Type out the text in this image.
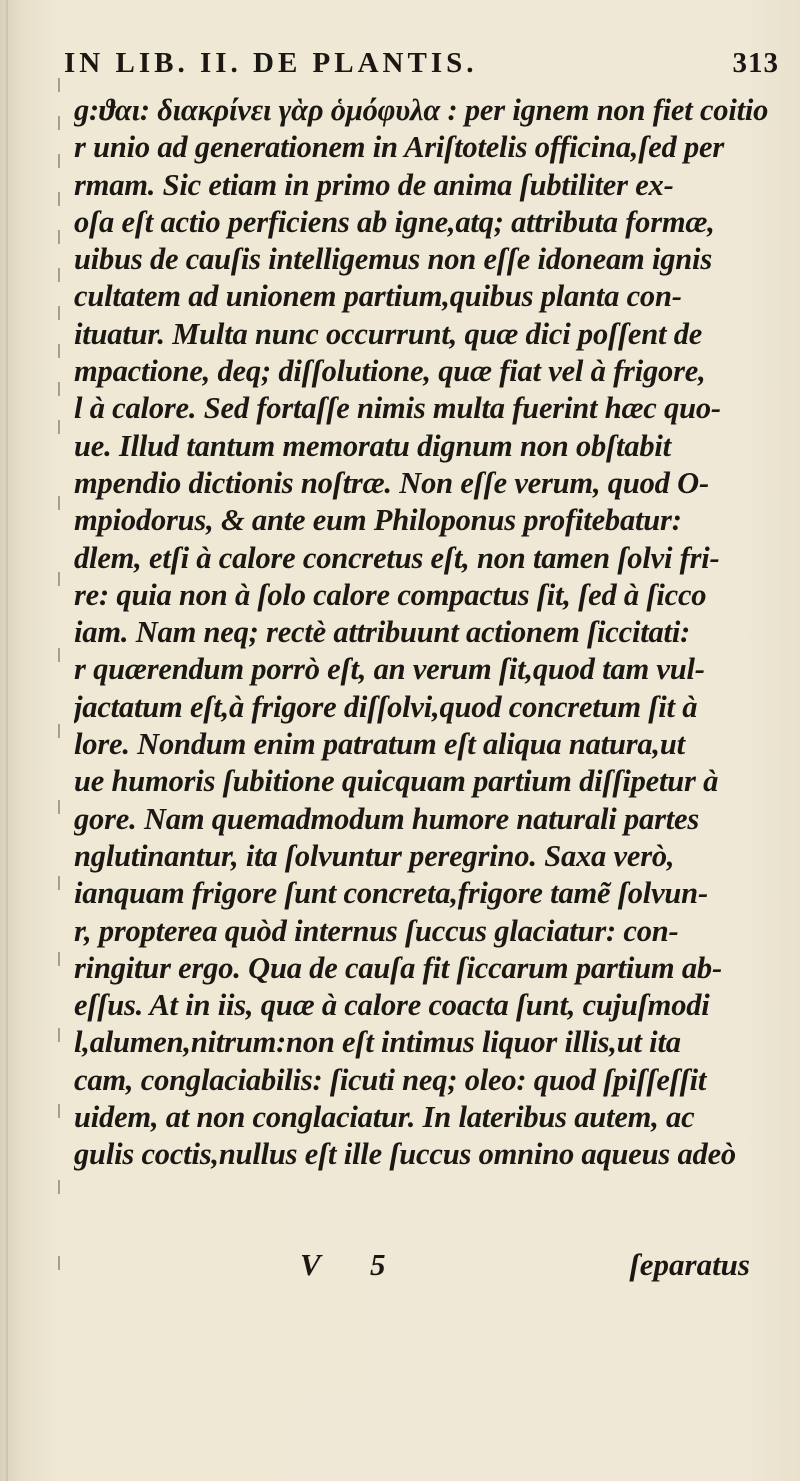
IN LIB. II. DE PLANTIS.	313
ɡ:ϑαι: διακρίνει γὰρ ὁμόφυλα : per ignem non fiet coitio
r unio ad generationem in Ariſtotelis officina,ſed per
rmam. Sic etiam in primo de anima ſubtiliter ex-
oſa eſt actio perficiens ab igne,atq; attributa formæ,
uibus de cauſis intelligemus non eſſe idoneam ignis
cultatem ad unionem partium,quibus planta con-
ituatur. Multa nunc occurrunt, quæ dici poſſent de
mpactione, deq; diſſolutione, quæ fiat vel à frigore,
l à calore. Sed fortaſſe nimis multa fuerint hæc quo-
ue. Illud tantum memoratu dignum non obſtabit
mpendio dictionis noſtræ. Non eſſe verum, quod O-
mpiodorus, & ante eum Philoponus profitebatur:
dlem, etſi à calore concretus eſt, non tamen ſolvi fri-
re: quia non à ſolo calore compactus ſit, ſed à ſicco
iam. Nam neq; rectè attribuunt actionem ſiccitati:
r quærendum porrò eſt, an verum ſit,quod tam vul-
jactatum eſt,à frigore diſſolvi,quod concretum ſit à
lore. Nondum enim patratum eſt aliqua natura,ut
ue humoris ſubitione quicquam partium diſſipetur à
gore. Nam quemadmodum humore naturali partes
nglutinantur, ita ſolvuntur peregrino. Saxa verò,
ianquam frigore ſunt concreta,frigore tamẽ ſolvun-
r, propterea quòd internus ſuccus glaciatur: con-
ringitur ergo. Qua de cauſa fit ſiccarum partium ab-
eſſus. At in iis, quæ à calore coacta ſunt, cujuſmodi
l,alumen,nitrum:non eſt intimus liquor illis,ut ita
cam, conglaciabilis: ſicuti neq; oleo: quod ſpiſſeſſit
uidem, at non conglaciatur. In lateribus autem, ac
gulis coctis,nullus eſt ille ſuccus omnino aqueus adeò
V 5	ſeparatus
